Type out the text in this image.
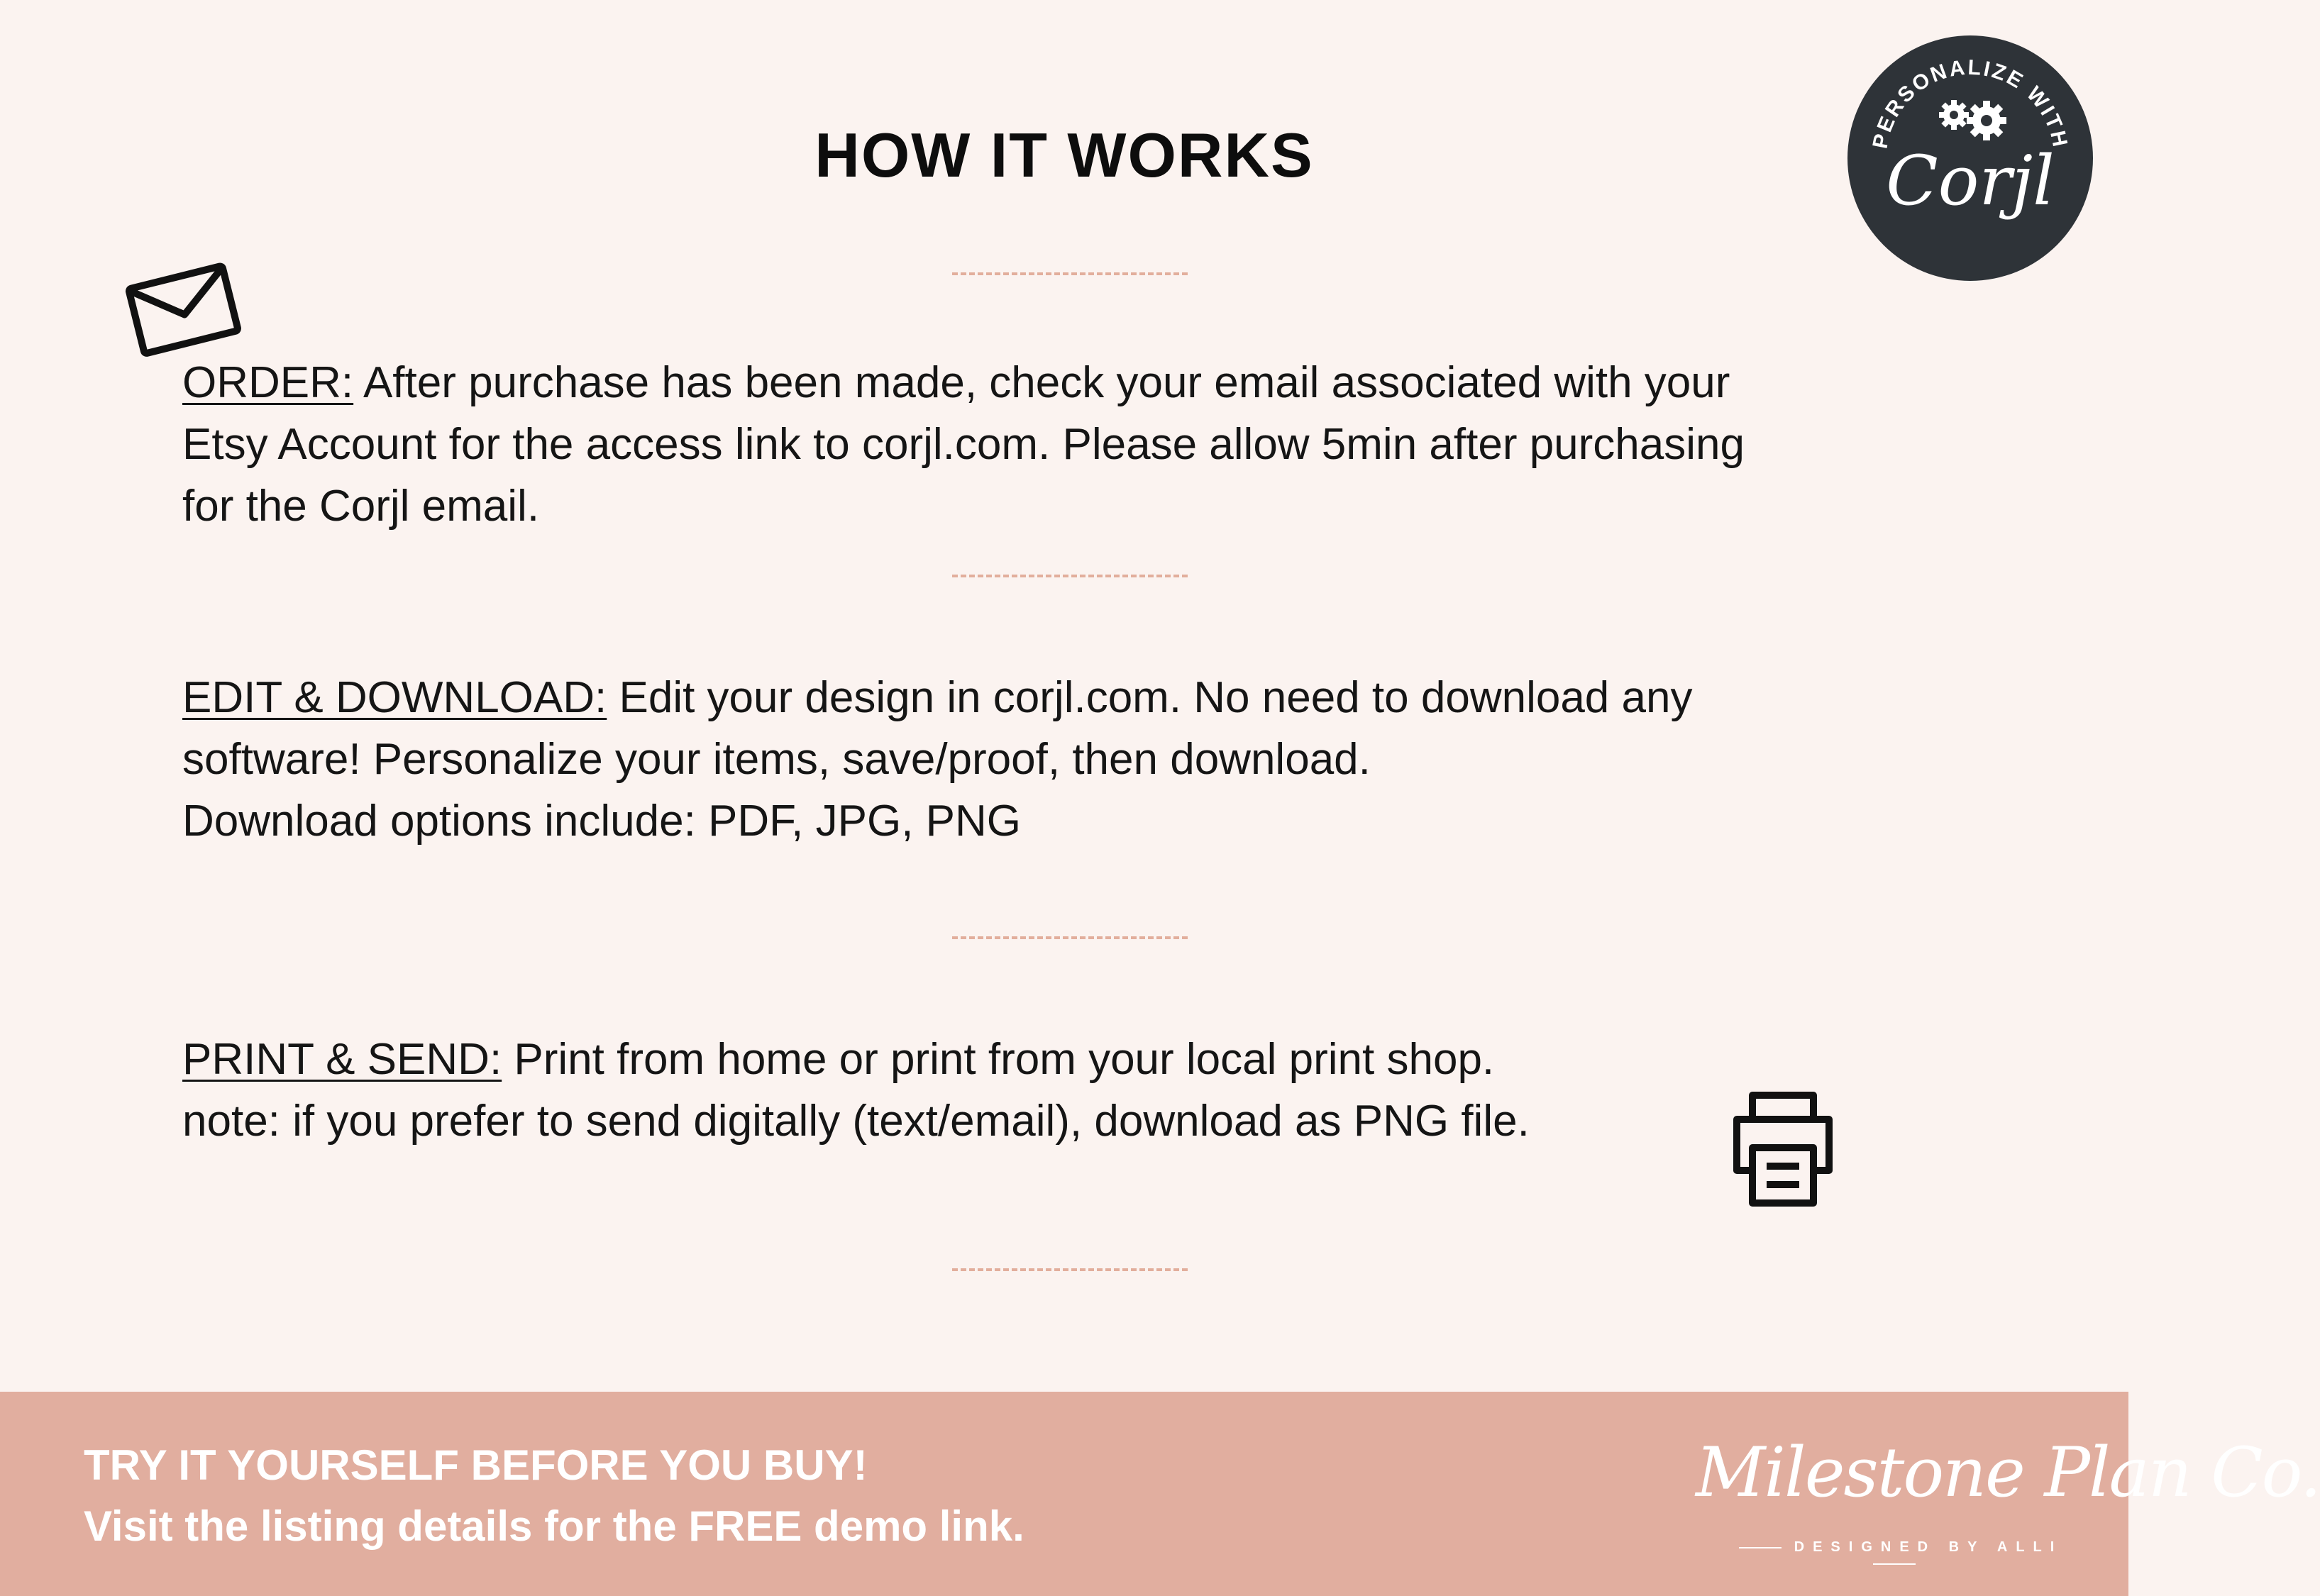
HOW IT WORKS	PERSONALIZE WITH
Corjl

ORDER: After purchase has been made, check your email associated with your
Etsy Account for the access link to corjl.com. Please allow 5min after purchasing
for the Corjl email.

EDIT & DOWNLOAD: Edit your design in corjl.com. No need to download any
software! Personalize your items, save/proof, then download.
Download options include: PDF, JPG, PNG

PRINT & SEND: Print from home or print from your local print shop.
note: if you prefer to send digitally (text/email), download as PNG file.

TRY IT YOURSELF BEFORE YOU BUY!
Visit the listing details for the FREE demo link.

Milestone Plan Co.
DESIGNED BY ALLI
